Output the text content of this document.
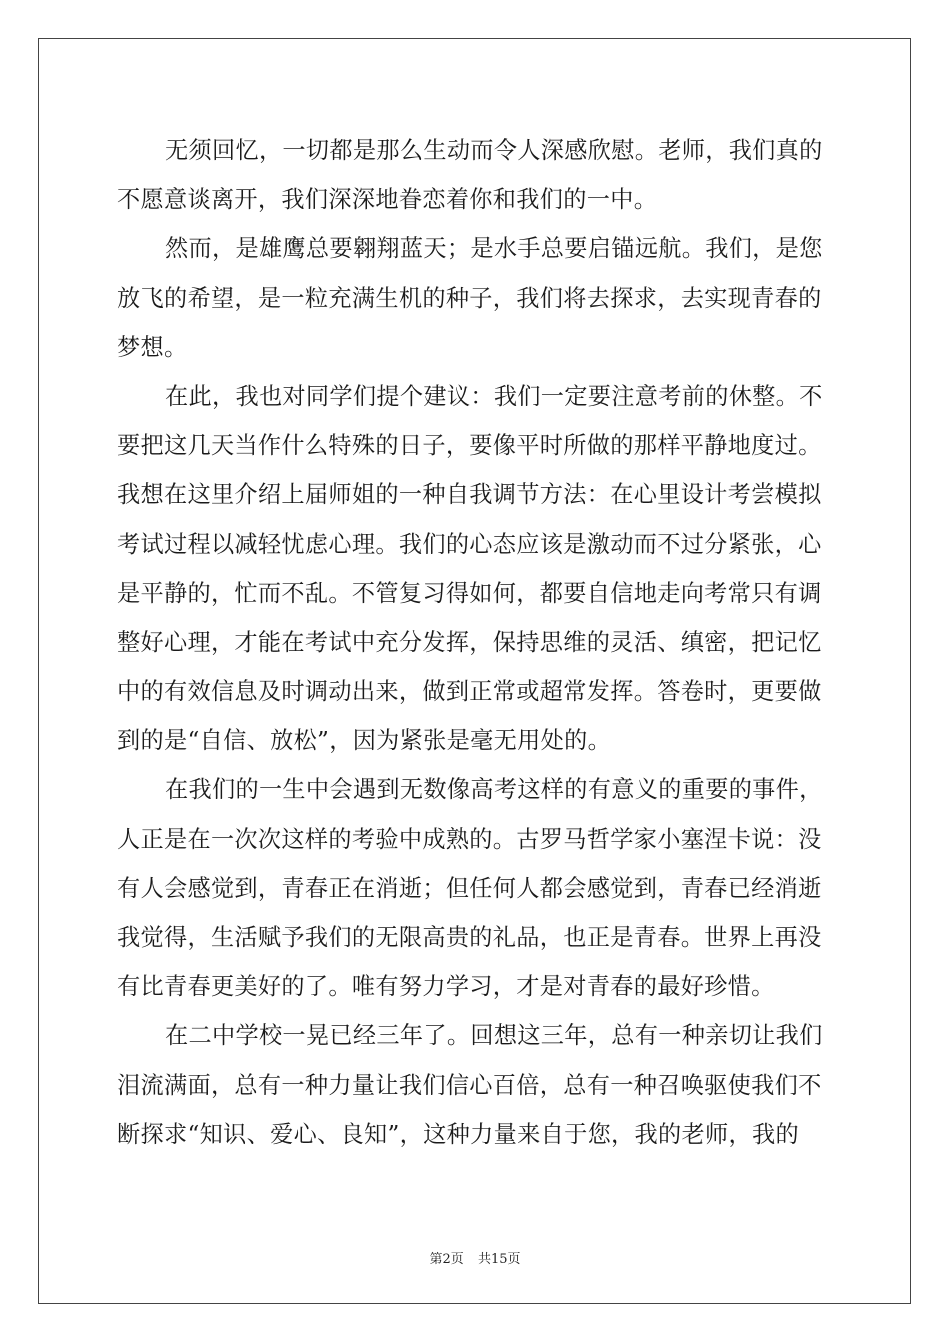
无须回忆，一切都是那么生动而令人深感欣慰。老师，我们真的
不愿意谈离开，我们深深地眷恋着你和我们的一中。
然而，是雄鹰总要翱翔蓝天；是水手总要启锚远航。我们，是您
放飞的希望，是一粒充满生机的种子，我们将去探求，去实现青春的
梦想。
在此，我也对同学们提个建议：我们一定要注意考前的休整。不
要把这几天当作什么特殊的日子，要像平时所做的那样平静地度过。
我想在这里介绍上届师姐的一种自我调节方法：在心里设计考尝模拟
考试过程以减轻忧虑心理。我们的心态应该是激动而不过分紧张，心
是平静的，忙而不乱。不管复习得如何，都要自信地走向考常只有调
整好心理，才能在考试中充分发挥，保持思维的灵活、缜密，把记忆
中的有效信息及时调动出来，做到正常或超常发挥。答卷时，更要做
到的是“自信、放松”，因为紧张是毫无用处的。
在我们的一生中会遇到无数像高考这样的有意义的重要的事件，
人正是在一次次这样的考验中成熟的。古罗马哲学家小塞涅卡说：没
有人会感觉到，青春正在消逝；但任何人都会感觉到，青春已经消逝
我觉得，生活赋予我们的无限高贵的礼品，也正是青春。世界上再没
有比青春更美好的了。唯有努力学习，才是对青春的最好珍惜。
在二中学校一晃已经三年了。回想这三年，总有一种亲切让我们
泪流满面，总有一种力量让我们信心百倍，总有一种召唤驱使我们不
断探求“知识、爱心、良知”，这种力量来自于您，我的老师，我的
第2页 共15页
